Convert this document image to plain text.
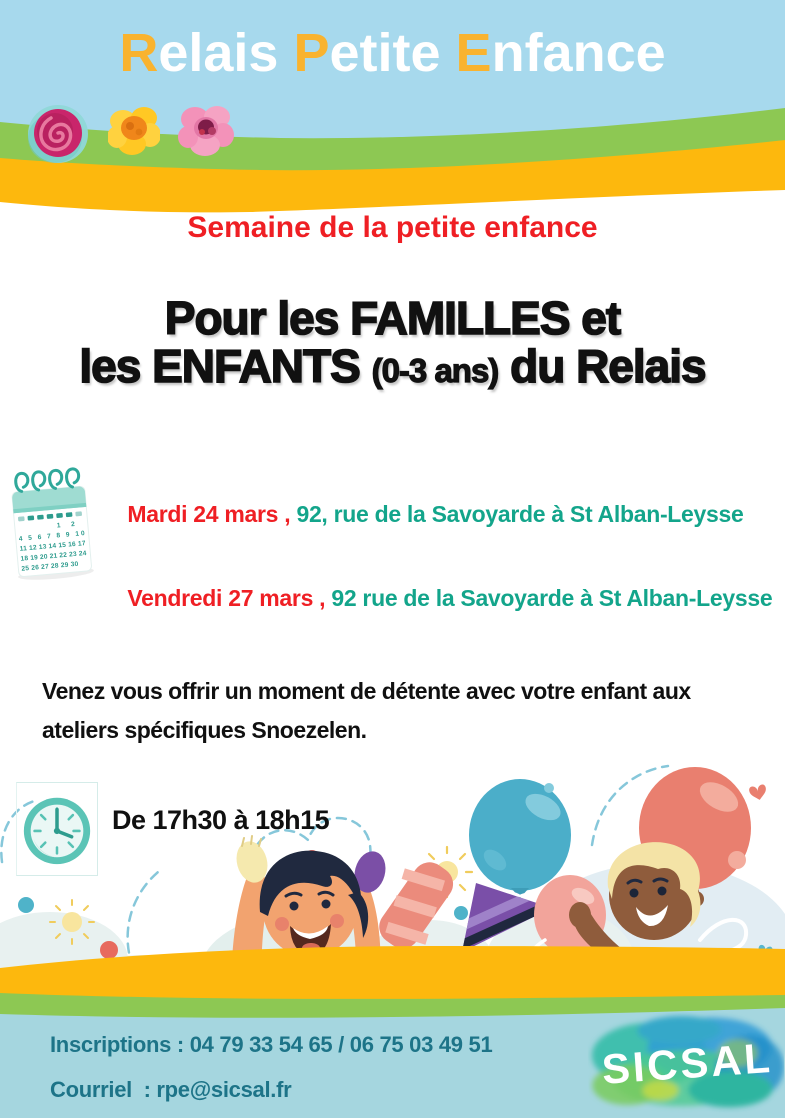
Relais Petite Enfance
Semaine de la petite enfance
Pour les FAMILLES et
les ENFANTS (0-3 ans) du Relais
1 2
4 5 6 7 8 9 10
11 12 13 14 15 16 17
18 19 20 21 22 23 24
25 26 27 28 29 30

Mardi 24 mars , 92, rue de la Savoyarde à St Alban-Leysse

Vendredi 27 mars , 92 rue de la Savoyarde à St Alban-Leysse

Venez vous offrir un moment de détente avec votre enfant aux
ateliers spécifiques Snoezelen.
De 17h30 à 18h15
Inscriptions : 04 79 33 54 65 / 06 75 03 49 51
Courriel  : rpe@sicsal.fr	SICSAL
